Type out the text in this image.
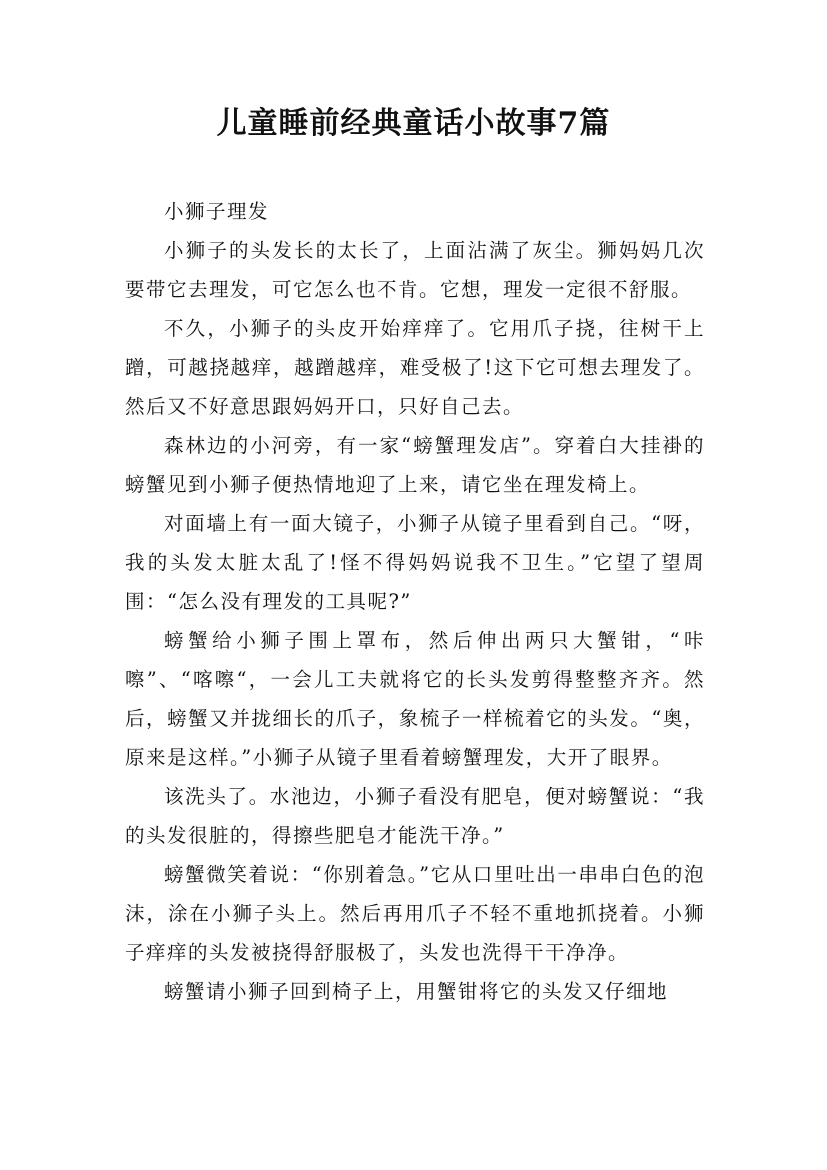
儿童睡前经典童话小故事7篇

小狮子理发

小狮子的头发长的太长了，上面沾满了灰尘。狮妈妈几次要带它去理发，可它怎么也不肯。它想，理发一定很不舒服。

不久，小狮子的头皮开始痒痒了。它用爪子挠，往树干上蹭，可越挠越痒，越蹭越痒，难受极了!这下它可想去理发了。然后又不好意思跟妈妈开口，只好自己去。

森林边的小河旁，有一家“螃蟹理发店”。穿着白大挂褂的螃蟹见到小狮子便热情地迎了上来，请它坐在理发椅上。

对面墙上有一面大镜子，小狮子从镜子里看到自己。“呀，我的头发太脏太乱了!怪不得妈妈说我不卫生。”它望了望周围：“怎么没有理发的工具呢?”

螃蟹给小狮子围上罩布，然后伸出两只大蟹钳，“咔嚓”、“喀嚓“，一会儿工夫就将它的长头发剪得整整齐齐。然后，螃蟹又并拢细长的爪子，象梳子一样梳着它的头发。“奥，原来是这样。”小狮子从镜子里看着螃蟹理发，大开了眼界。

该洗头了。水池边，小狮子看没有肥皂，便对螃蟹说：“我的头发很脏的，得擦些肥皂才能洗干净。”

螃蟹微笑着说：“你别着急。”它从口里吐出一串串白色的泡沫，涂在小狮子头上。然后再用爪子不轻不重地抓挠着。小狮子痒痒的头发被挠得舒服极了，头发也洗得干干净净。

螃蟹请小狮子回到椅子上，用蟹钳将它的头发又仔细地
